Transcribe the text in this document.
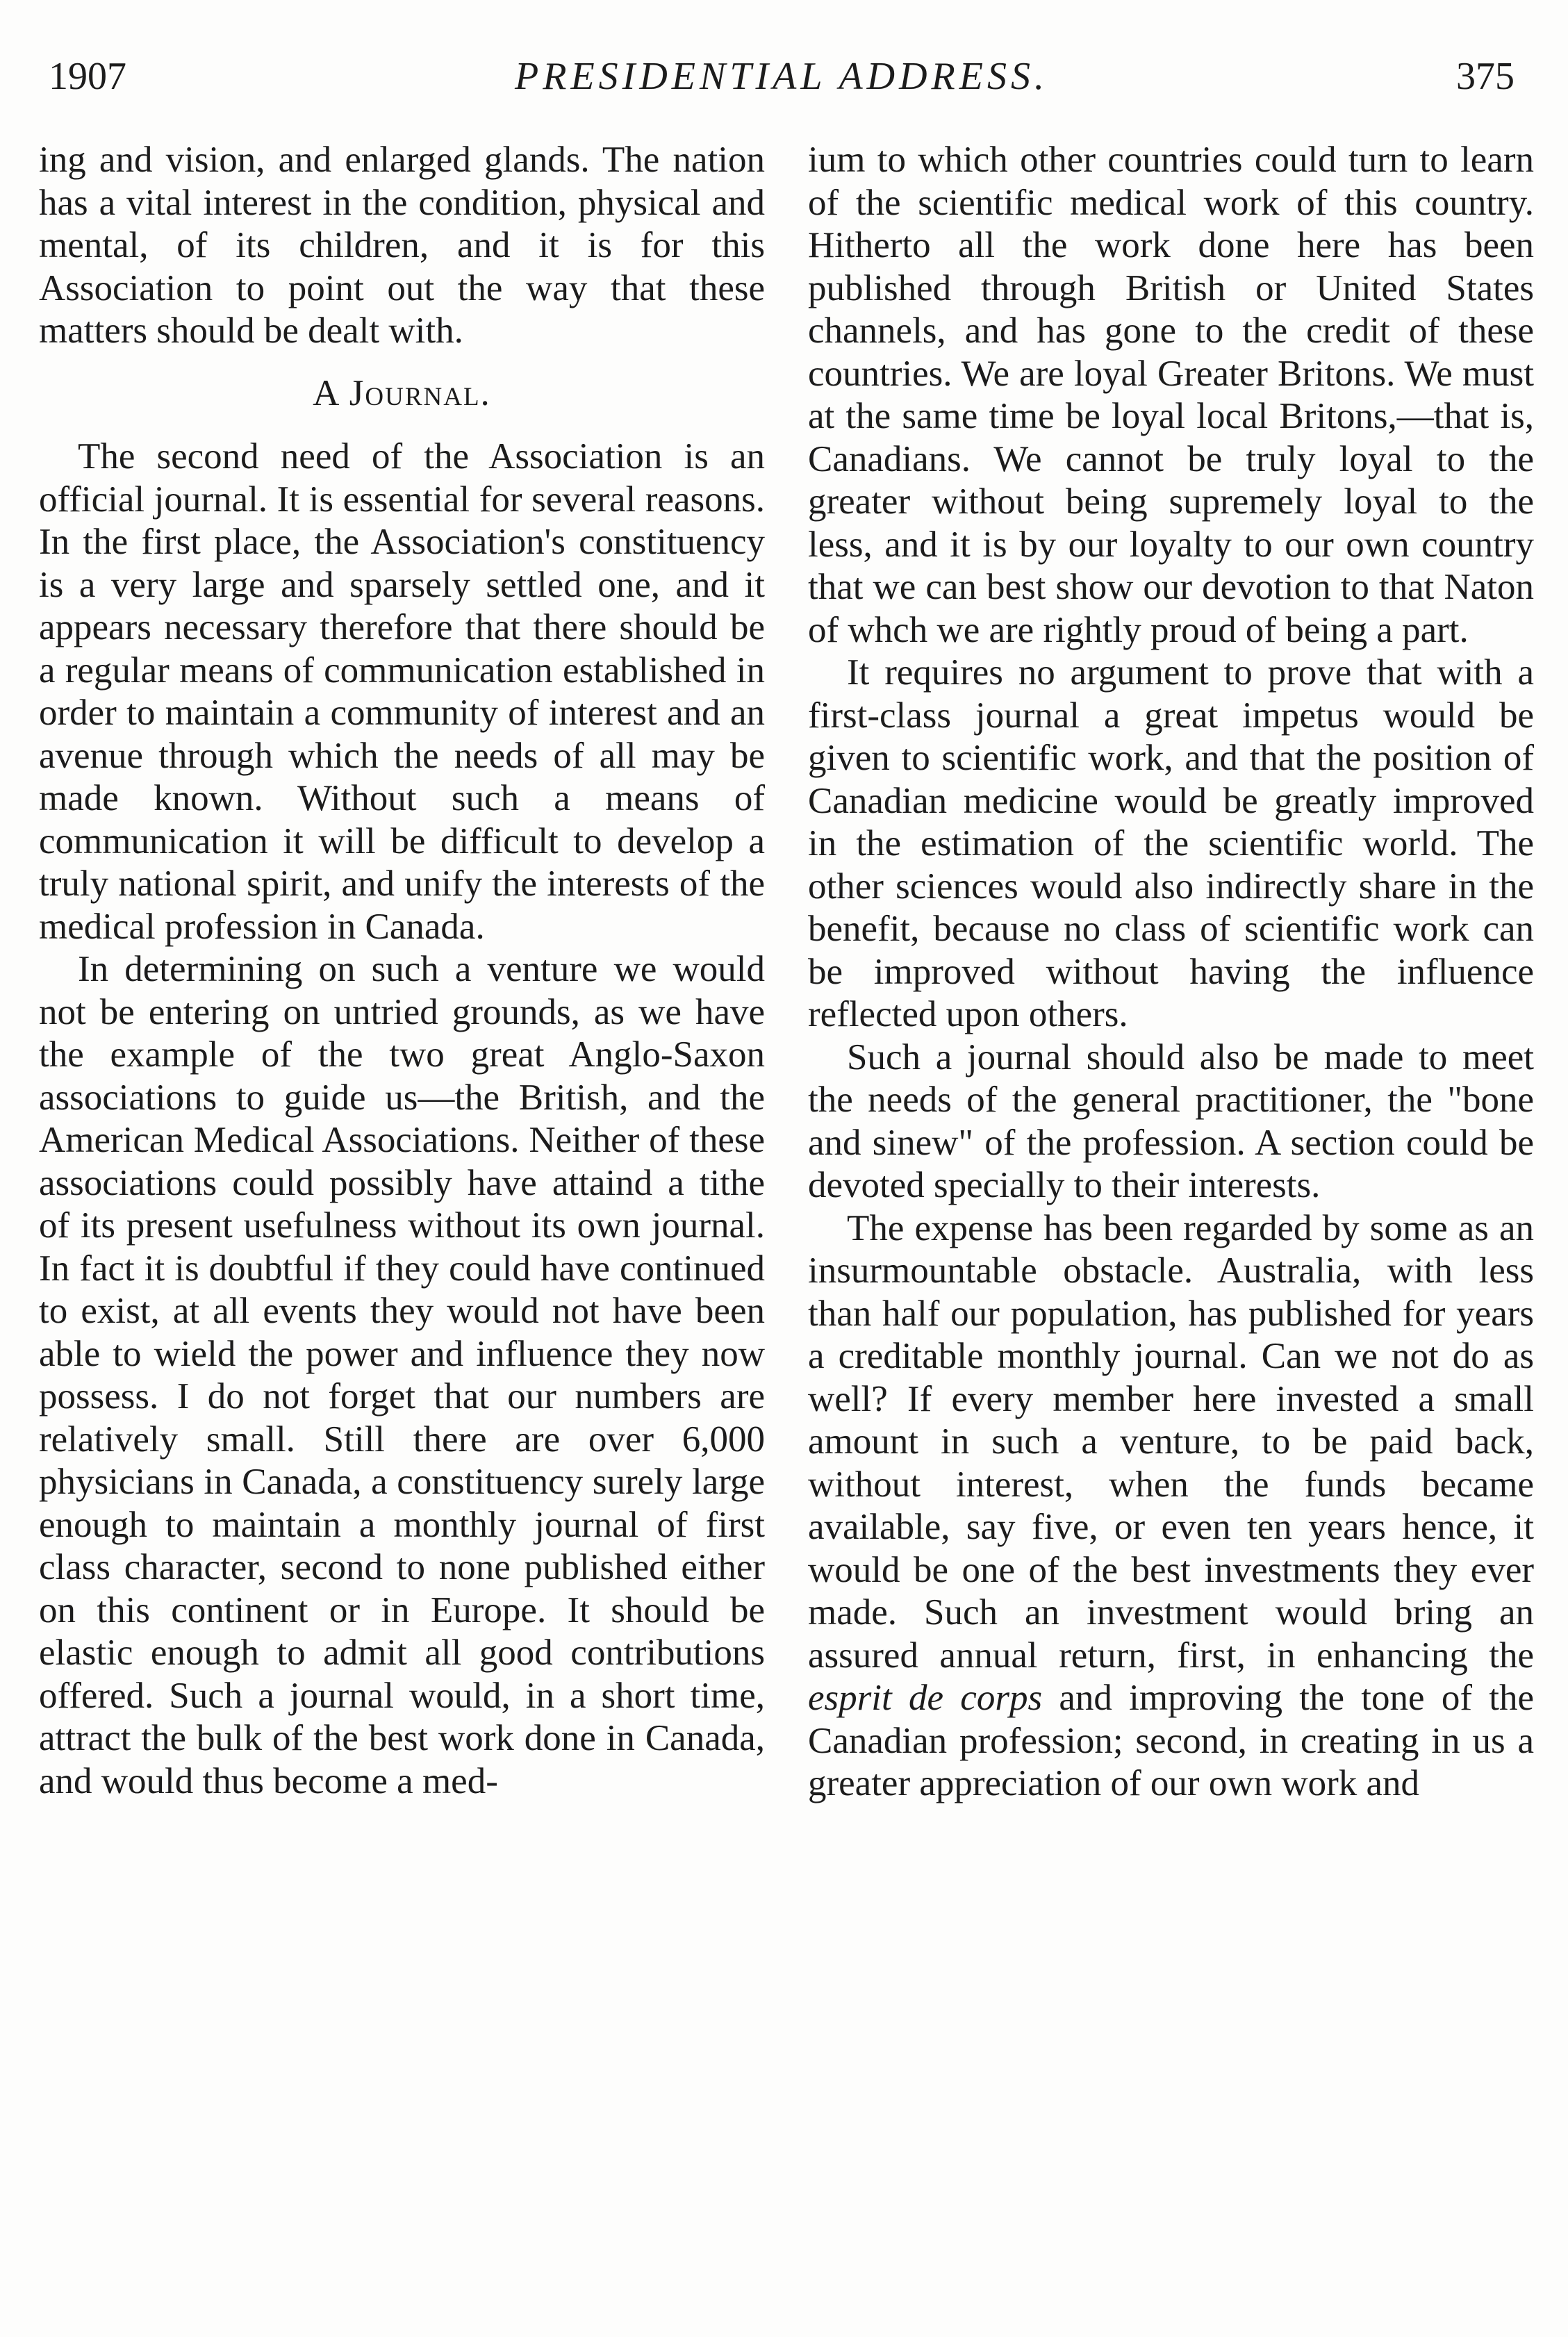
1907	PRESIDENTIAL ADDRESS.	375

ing and vision, and enlarged glands. The nation has a vital interest in the condition, physical and mental, of its children, and it is for this Association to point out the way that these matters should be dealt with.

A Journal.

The second need of the Association is an official journal. It is essential for several reasons. In the first place, the Association's constituency is a very large and sparsely settled one, and it appears necessary therefore that there should be a regular means of communication established in order to maintain a community of interest and an avenue through which the needs of all may be made known. Without such a means of communication it will be difficult to develop a truly national spirit, and unify the interests of the medical profession in Canada.

In determining on such a venture we would not be entering on untried grounds, as we have the example of the two great Anglo-Saxon associations to guide us—the British, and the American Medical Associations. Neither of these associations could possibly have attaind a tithe of its present usefulness without its own journal. In fact it is doubtful if they could have continued to exist, at all events they would not have been able to wield the power and influence they now possess. I do not forget that our numbers are relatively small. Still there are over 6,000 physicians in Canada, a constituency surely large enough to maintain a monthly journal of first class character, second to none published either on this continent or in Europe. It should be elastic enough to admit all good contributions offered. Such a journal would, in a short time, attract the bulk of the best work done in Canada, and would thus become a med-

ium to which other countries could turn to learn of the scientific medical work of this country. Hitherto all the work done here has been published through British or United States channels, and has gone to the credit of these countries. We are loyal Greater Britons. We must at the same time be loyal local Britons,—that is, Canadians. We cannot be truly loyal to the greater without being supremely loyal to the less, and it is by our loyalty to our own country that we can best show our devotion to that Naton of whch we are rightly proud of being a part.

It requires no argument to prove that with a first-class journal a great impetus would be given to scientific work, and that the position of Canadian medicine would be greatly improved in the estimation of the scientific world. The other sciences would also indirectly share in the benefit, because no class of scientific work can be improved without having the influence reflected upon others.

Such a journal should also be made to meet the needs of the general practitioner, the "bone and sinew" of the profession. A section could be devoted specially to their interests.

The expense has been regarded by some as an insurmountable obstacle. Australia, with less than half our population, has published for years a creditable monthly journal. Can we not do as well? If every member here invested a small amount in such a venture, to be paid back, without interest, when the funds became available, say five, or even ten years hence, it would be one of the best investments they ever made. Such an investment would bring an assured annual return, first, in enhancing the esprit de corps and improving the tone of the Canadian profession; second, in creating in us a greater appreciation of our own work and
